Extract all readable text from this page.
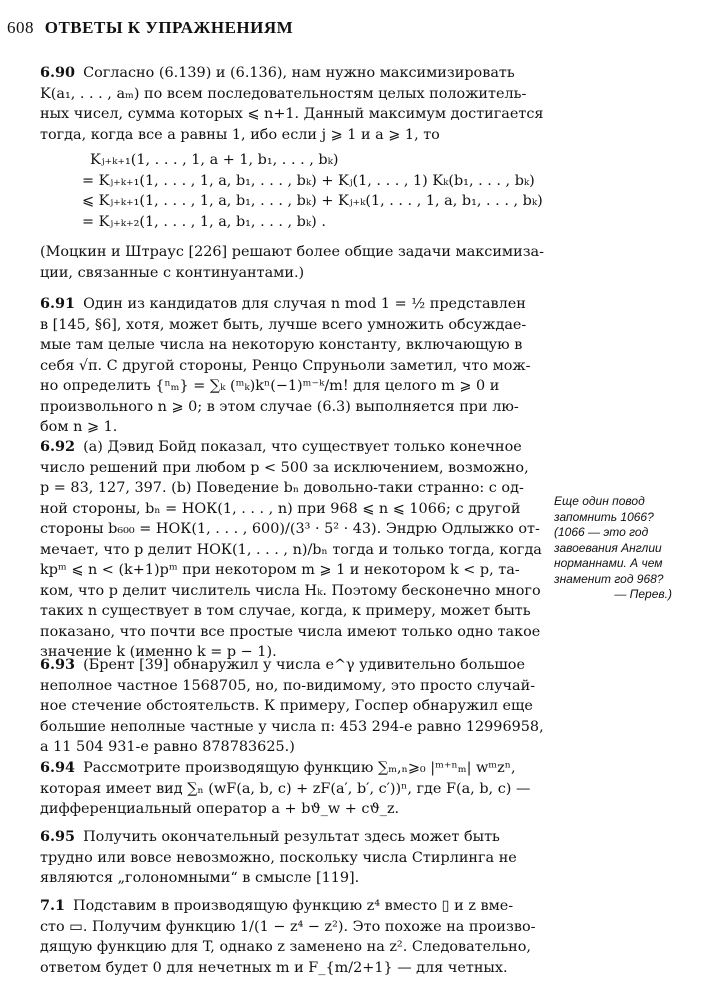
608 ОТВЕТЫ К УПРАЖНЕНИЯМ
6.90 Согласно (6.139) и (6.136), нам нужно максимизировать
K(a₁, . . . , aₘ) по всем последовательностям целых положитель-
ных чисел, сумма которых ⩽ n+1. Данный максимум достигается
тогда, когда все a равны 1, ибо если j ⩾ 1 и a ⩾ 1, то
Kⱼ₊ₖ₊₁(1, . . . , 1, a + 1, b₁, . . . , bₖ)
= Kⱼ₊ₖ₊₁(1, . . . , 1, a, b₁, . . . , bₖ) + Kⱼ(1, . . . , 1) Kₖ(b₁, . . . , bₖ)
⩽ Kⱼ₊ₖ₊₁(1, . . . , 1, a, b₁, . . . , bₖ) + Kⱼ₊ₖ(1, . . . , 1, a, b₁, . . . , bₖ)
= Kⱼ₊ₖ₊₂(1, . . . , 1, a, b₁, . . . , bₖ) .
(Моцкин и Штраус [226] решают более общие задачи максимиза-
ции, связанные с континуантами.)
6.91 Один из кандидатов для случая n mod 1 = ½ представлен
в [145, §6], хотя, может быть, лучше всего умножить обсуждае-
мые там целые числа на некоторую константу, включающую в
себя √π. С другой стороны, Ренцо Спруньоли заметил, что мож-
но определить {ⁿₘ} = ∑ₖ (ᵐₖ)kⁿ(−1)ᵐ⁻ᵏ/m! для целого m ⩾ 0 и
произвольного n ⩾ 0; в этом случае (6.3) выполняется при лю-
бом n ⩾ 1.
6.92 (a) Дэвид Бойд показал, что существует только конечное
число решений при любом p < 500 за исключением, возможно,
p = 83, 127, 397. (b) Поведение bₙ довольно-таки странно: с од-
ной стороны, bₙ = НОК(1, . . . , n) при 968 ⩽ n ⩽ 1066; с другой
стороны b₆₀₀ = НОК(1, . . . , 600)/(3³ · 5² · 43). Эндрю Одлыжко от-
мечает, что p делит НОК(1, . . . , n)/bₙ тогда и только тогда, когда
kpᵐ ⩽ n < (k+1)pᵐ при некотором m ⩾ 1 и некотором k < p, та-
ком, что p делит числитель числа Hₖ. Поэтому бесконечно много
таких n существует в том случае, когда, к примеру, может быть
показано, что почти все простые числа имеют только одно такое
значение k (именно k = p − 1).
Еще один повод
запомнить 1066?
(1066 — это год
завоевания Англии
норманнами. А чем
знаменит год 968?
— Перев.)
6.93 (Брент [39] обнаружил у числа e^γ удивительно большое
неполное частное 1568705, но, по-видимому, это просто случай-
ное стечение обстоятельств. К примеру, Госпер обнаружил еще
большие неполные частные у числа π: 453 294-е равно 12996958,
а 11 504 931-е равно 878783625.)
6.94 Рассмотрите производящую функцию ∑ₘ,ₙ⩾₀ |ᵐ⁺ⁿₘ| wᵐzⁿ,
которая имеет вид ∑ₙ (wF(a, b, c) + zF(a′, b′, c′))ⁿ, где F(a, b, c) —
дифференциальный оператор a + bϑ_w + cϑ_z.
6.95 Получить окончательный результат здесь может быть
трудно или вовсе невозможно, поскольку числа Стирлинга не
являются „голономными“ в смысле [119].
7.1 Подставим в производящую функцию z⁴ вместо ▯ и z вме-
сто ▭. Получим функцию 1/(1 − z⁴ − z²). Это похоже на произво-
дящую функцию для T, однако z заменено на z². Следовательно,
ответом будет 0 для нечетных m и F_{m/2+1} — для четных.
